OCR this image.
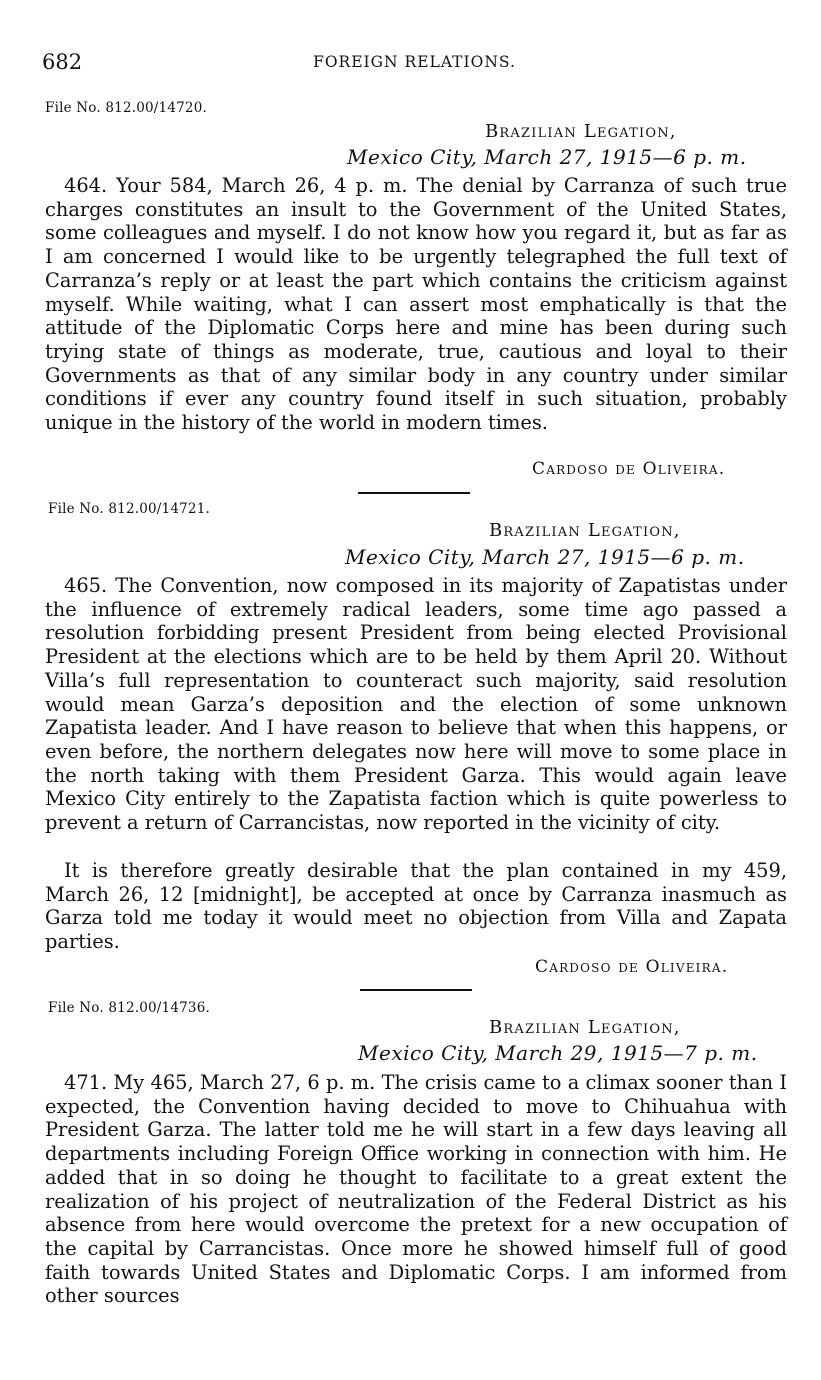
682	FOREIGN RELATIONS.
File No. 812.00/14720.
Brazilian Legation,
Mexico City, March 27, 1915—6 p. m.

464. Your 584, March 26, 4 p. m. The denial by Carranza of such true charges constitutes an insult to the Government of the United States, some colleagues and myself. I do not know how you regard it, but as far as I am concerned I would like to be urgently telegraphed the full text of Carranza’s reply or at least the part which contains the criticism against myself. While waiting, what I can assert most emphatically is that the attitude of the Diplomatic Corps here and mine has been during such trying state of things as moderate, true, cautious and loyal to their Governments as that of any similar body in any country under similar conditions if ever any country found itself in such situation, probably unique in the history of the world in modern times.

Cardoso de Oliveira.
File No. 812.00/14721.
Brazilian Legation,
Mexico City, March 27, 1915—6 p. m.

465. The Convention, now composed in its majority of Zapatistas under the influence of extremely radical leaders, some time ago passed a resolution forbidding present President from being elected Provisional President at the elections which are to be held by them April 20. Without Villa’s full representation to counteract such majority, said resolution would mean Garza’s deposition and the election of some unknown Zapatista leader. And I have reason to believe that when this happens, or even before, the northern delegates now here will move to some place in the north taking with them President Garza. This would again leave Mexico City entirely to the Zapatista faction which is quite powerless to prevent a return of Carrancistas, now reported in the vicinity of city.

It is therefore greatly desirable that the plan contained in my 459, March 26, 12 [midnight], be accepted at once by Carranza inasmuch as Garza told me today it would meet no objection from Villa and Zapata parties.

Cardoso de Oliveira.
File No. 812.00/14736.
Brazilian Legation,
Mexico City, March 29, 1915—7 p. m.

471. My 465, March 27, 6 p. m. The crisis came to a climax sooner than I expected, the Convention having decided to move to Chihuahua with President Garza. The latter told me he will start in a few days leaving all departments including Foreign Office working in connection with him. He added that in so doing he thought to facilitate to a great extent the realization of his project of neutralization of the Federal District as his absence from here would overcome the pretext for a new occupation of the capital by Carrancistas. Once more he showed himself full of good faith towards United States and Diplomatic Corps. I am informed from other sources
